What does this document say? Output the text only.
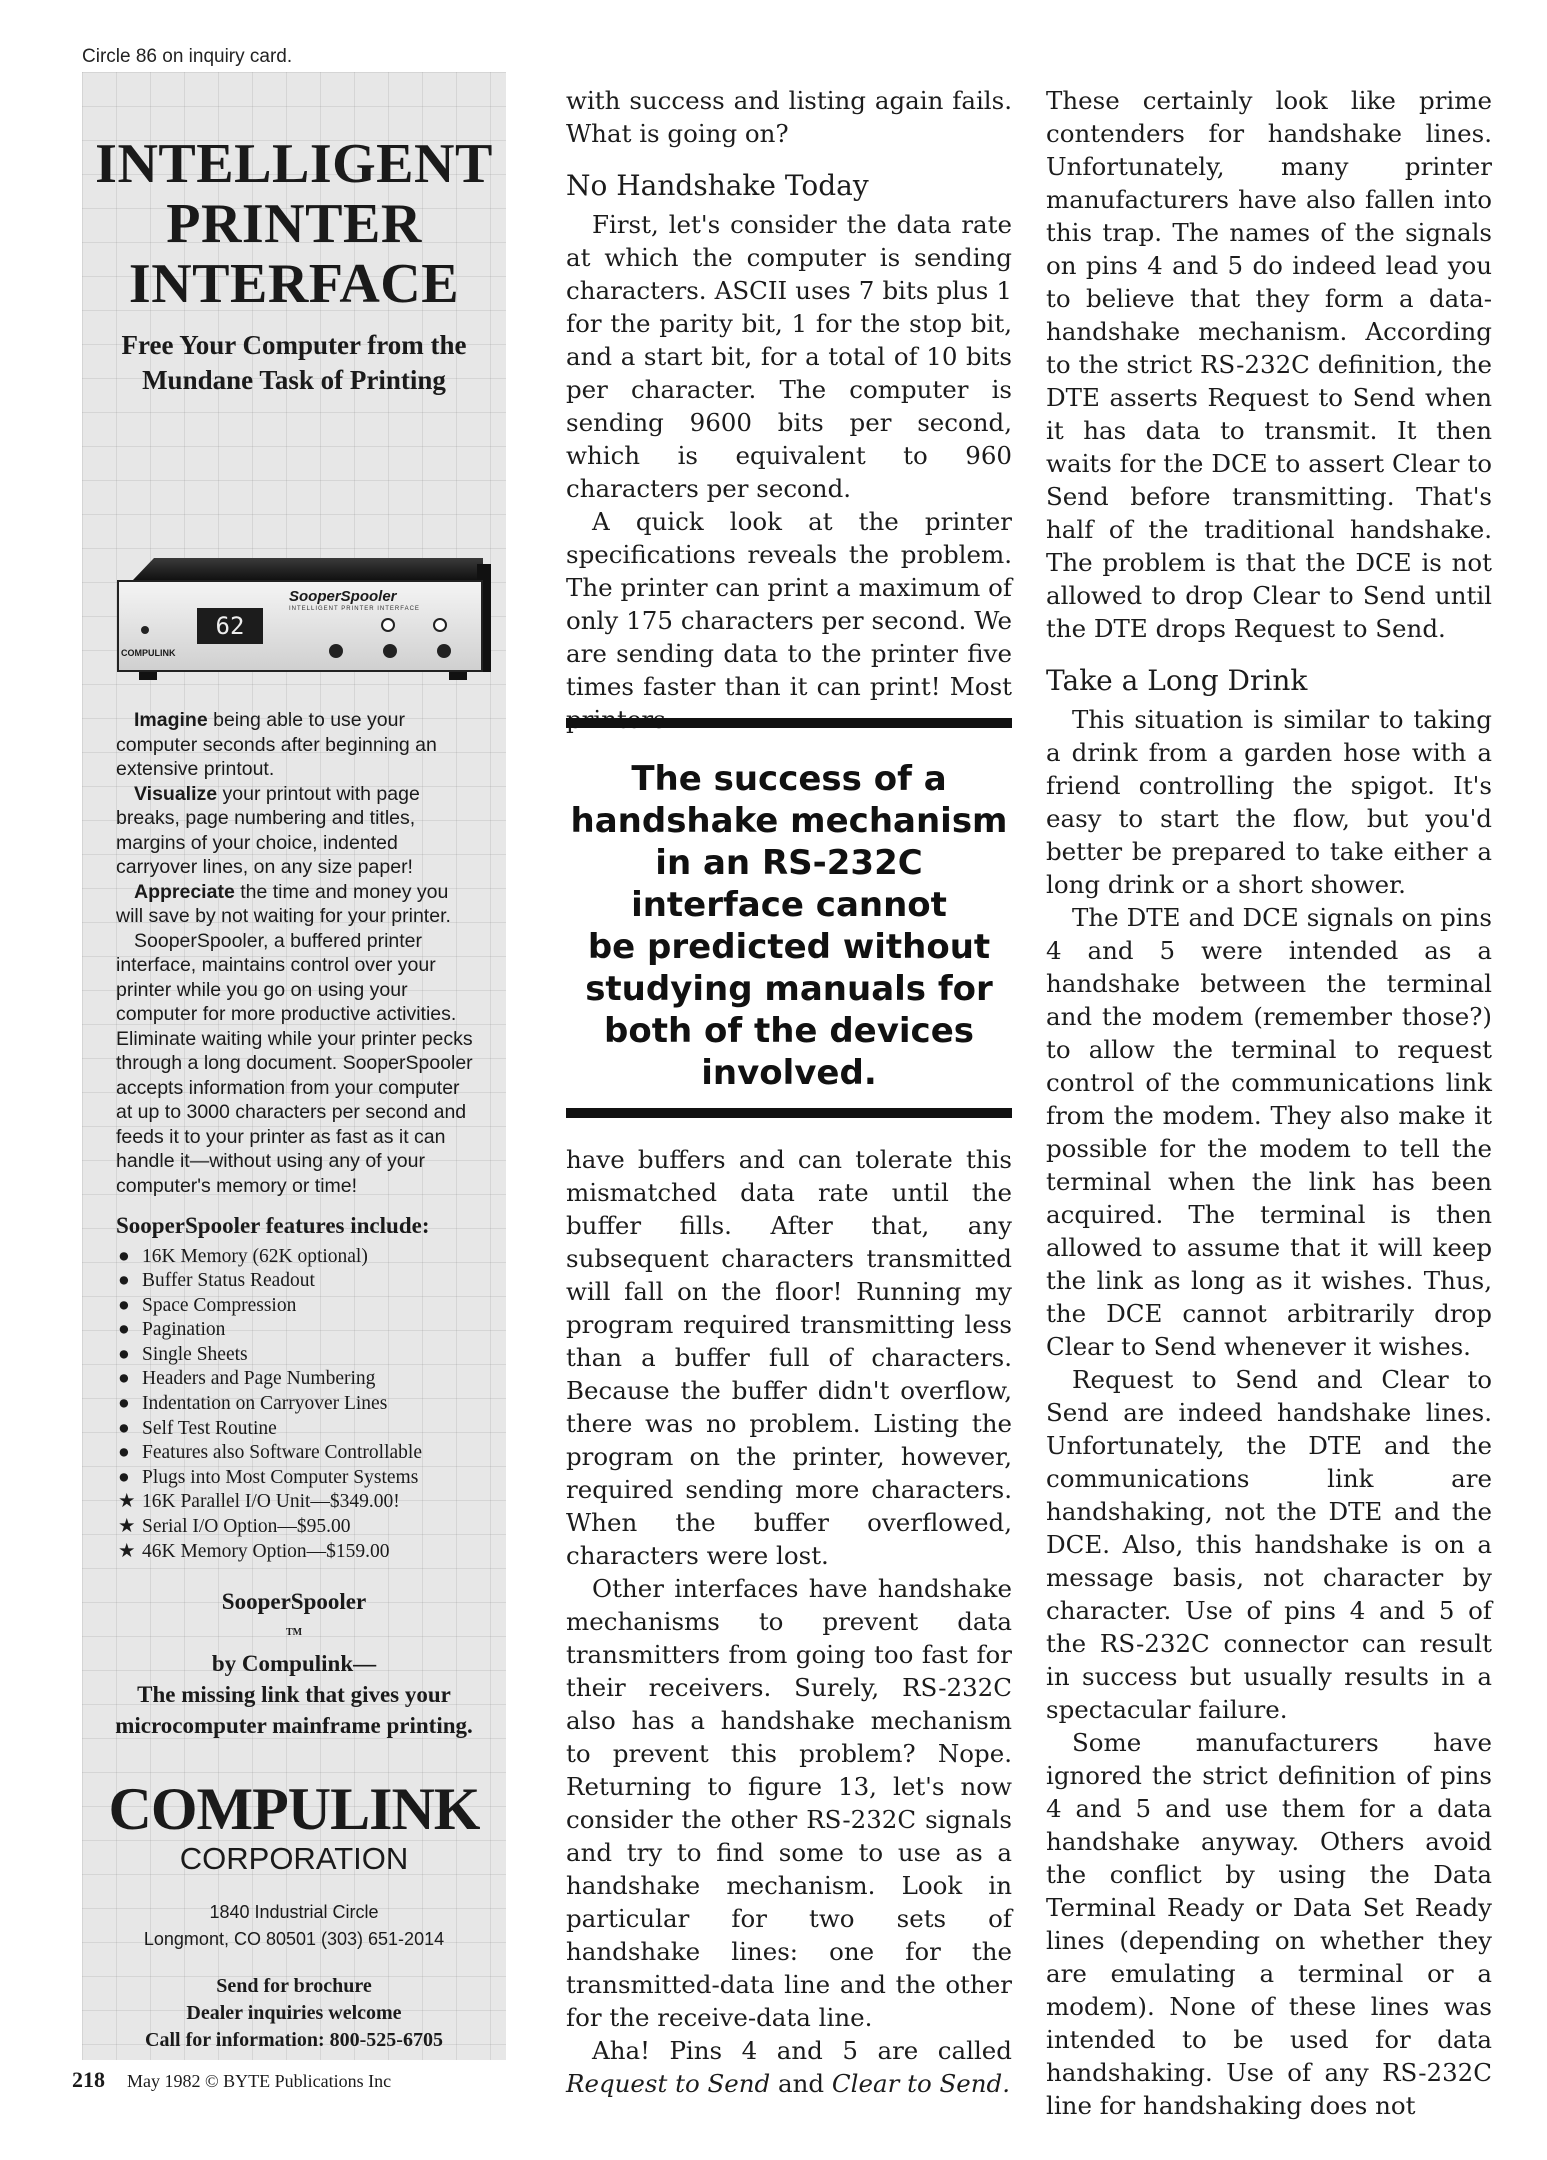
Circle 86 on inquiry card.
INTELLIGENT
PRINTER
INTERFACE
Free Your Computer from the
Mundane Task of Printing
SooperSpooler
INTELLIGENT PRINTER INTERFACE
62
COMPULINK

Imagine being able to use your computer seconds after beginning an extensive printout.

Visualize your printout with page breaks, page numbering and titles, margins of your choice, indented carryover lines, on any size paper!

Appreciate the time and money you will save by not waiting for your printer.

SooperSpooler, a buffered printer interface, maintains control over your printer while you go on using your computer for more productive activities. Eliminate waiting while your printer pecks through a long document. SooperSpooler accepts information from your computer at up to 3000 characters per second and feeds it to your printer as fast as it can handle it—without using any of your computer's memory or time!

SooperSpooler features include:
● 16K Memory (62K optional)
● Buffer Status Readout
● Space Compression
● Pagination
● Single Sheets
● Headers and Page Numbering
● Indentation on Carryover Lines
● Self Test Routine
● Features also Software Controllable
● Plugs into Most Computer Systems
★ 16K Parallel I/O Unit—$349.00!
★ Serial I/O Option—$95.00
★ 46K Memory Option—$159.00
SooperSpooler
TM
by Compulink—
The missing link that gives your
microcomputer mainframe printing.
COMPULINK
CORPORATION
1840 Industrial Circle
Longmont, CO 80501 (303) 651-2014
Send for brochure
Dealer inquiries welcome
Call for information: 800-525-6705
218 May 1982 © BYTE Publications Inc

with success and listing again fails. What is going on?

No Handshake Today

First, let's consider the data rate at which the computer is sending characters. ASCII uses 7 bits plus 1 for the parity bit, 1 for the stop bit, and a start bit, for a total of 10 bits per character. The computer is sending 9600 bits per second, which is equivalent to 960 characters per second.

A quick look at the printer specifications reveals the problem. The printer can print a maximum of only 175 characters per second. We are sending data to the printer five times faster than it can print! Most

The success of a
handshake mechanism
in an RS-232C
interface cannot
be predicted without
studying manuals for
both of the devices
involved.

have buffers and can tolerate this mismatched data rate until the buffer fills. After that, any subsequent characters transmitted will fall on the floor! Running my program required transmitting less than a buffer full of characters. Because the buffer didn't overflow, there was no problem. Listing the program on the printer, however, required sending more characters. When the buffer overflowed, characters were lost.

Other interfaces have handshake mechanisms to prevent data transmitters from going too fast for their receivers. Surely, RS-232C also has a handshake mechanism to prevent this problem? Nope. Returning to figure 13, let's now consider the other RS-232C signals and try to find some to use as a handshake mechanism. Look in particular for two sets of handshake lines: one for the transmitted-data line and the other for the receive-data line.

Aha! Pins 4 and 5 are called Request to Send and Clear to Send.

These certainly look like prime contenders for handshake lines. Unfortunately, many printer manufacturers have also fallen into this trap. The names of the signals on pins 4 and 5 do indeed lead you to believe that they form a data-handshake mechanism. According to the strict RS-232C definition, the DTE asserts Request to Send when it has data to transmit. It then waits for the DCE to assert Clear to Send before transmitting. That's half of the traditional handshake. The problem is that the DCE is not allowed to drop Clear to Send until the DTE drops Request to Send.

Take a Long Drink

This situation is similar to taking a drink from a garden hose with a friend controlling the spigot. It's easy to start the flow, but you'd better be prepared to take either a long drink or a short shower.

The DTE and DCE signals on pins 4 and 5 were intended as a handshake between the terminal and the modem (remember those?) to allow the terminal to request control of the communications link from the modem. They also make it possible for the modem to tell the terminal when the link has been acquired. The terminal is then allowed to assume that it will keep the link as long as it wishes. Thus, the DCE cannot arbitrarily drop Clear to Send whenever it wishes.

Request to Send and Clear to Send are indeed handshake lines. Unfortunately, the DTE and the communications link are handshaking, not the DTE and the DCE. Also, this handshake is on a message basis, not character by character. Use of pins 4 and 5 of the RS-232C connector can result in success but usually results in a spectacular failure.

Some manufacturers have ignored the strict definition of pins 4 and 5 and use them for a data handshake anyway. Others avoid the conflict by using the Data Terminal Ready or Data Set Ready lines (depending on whether they are emulating a terminal or a modem). None of these lines was intended to be used for data handshaking. Use of any RS-232C line for handshaking does not
